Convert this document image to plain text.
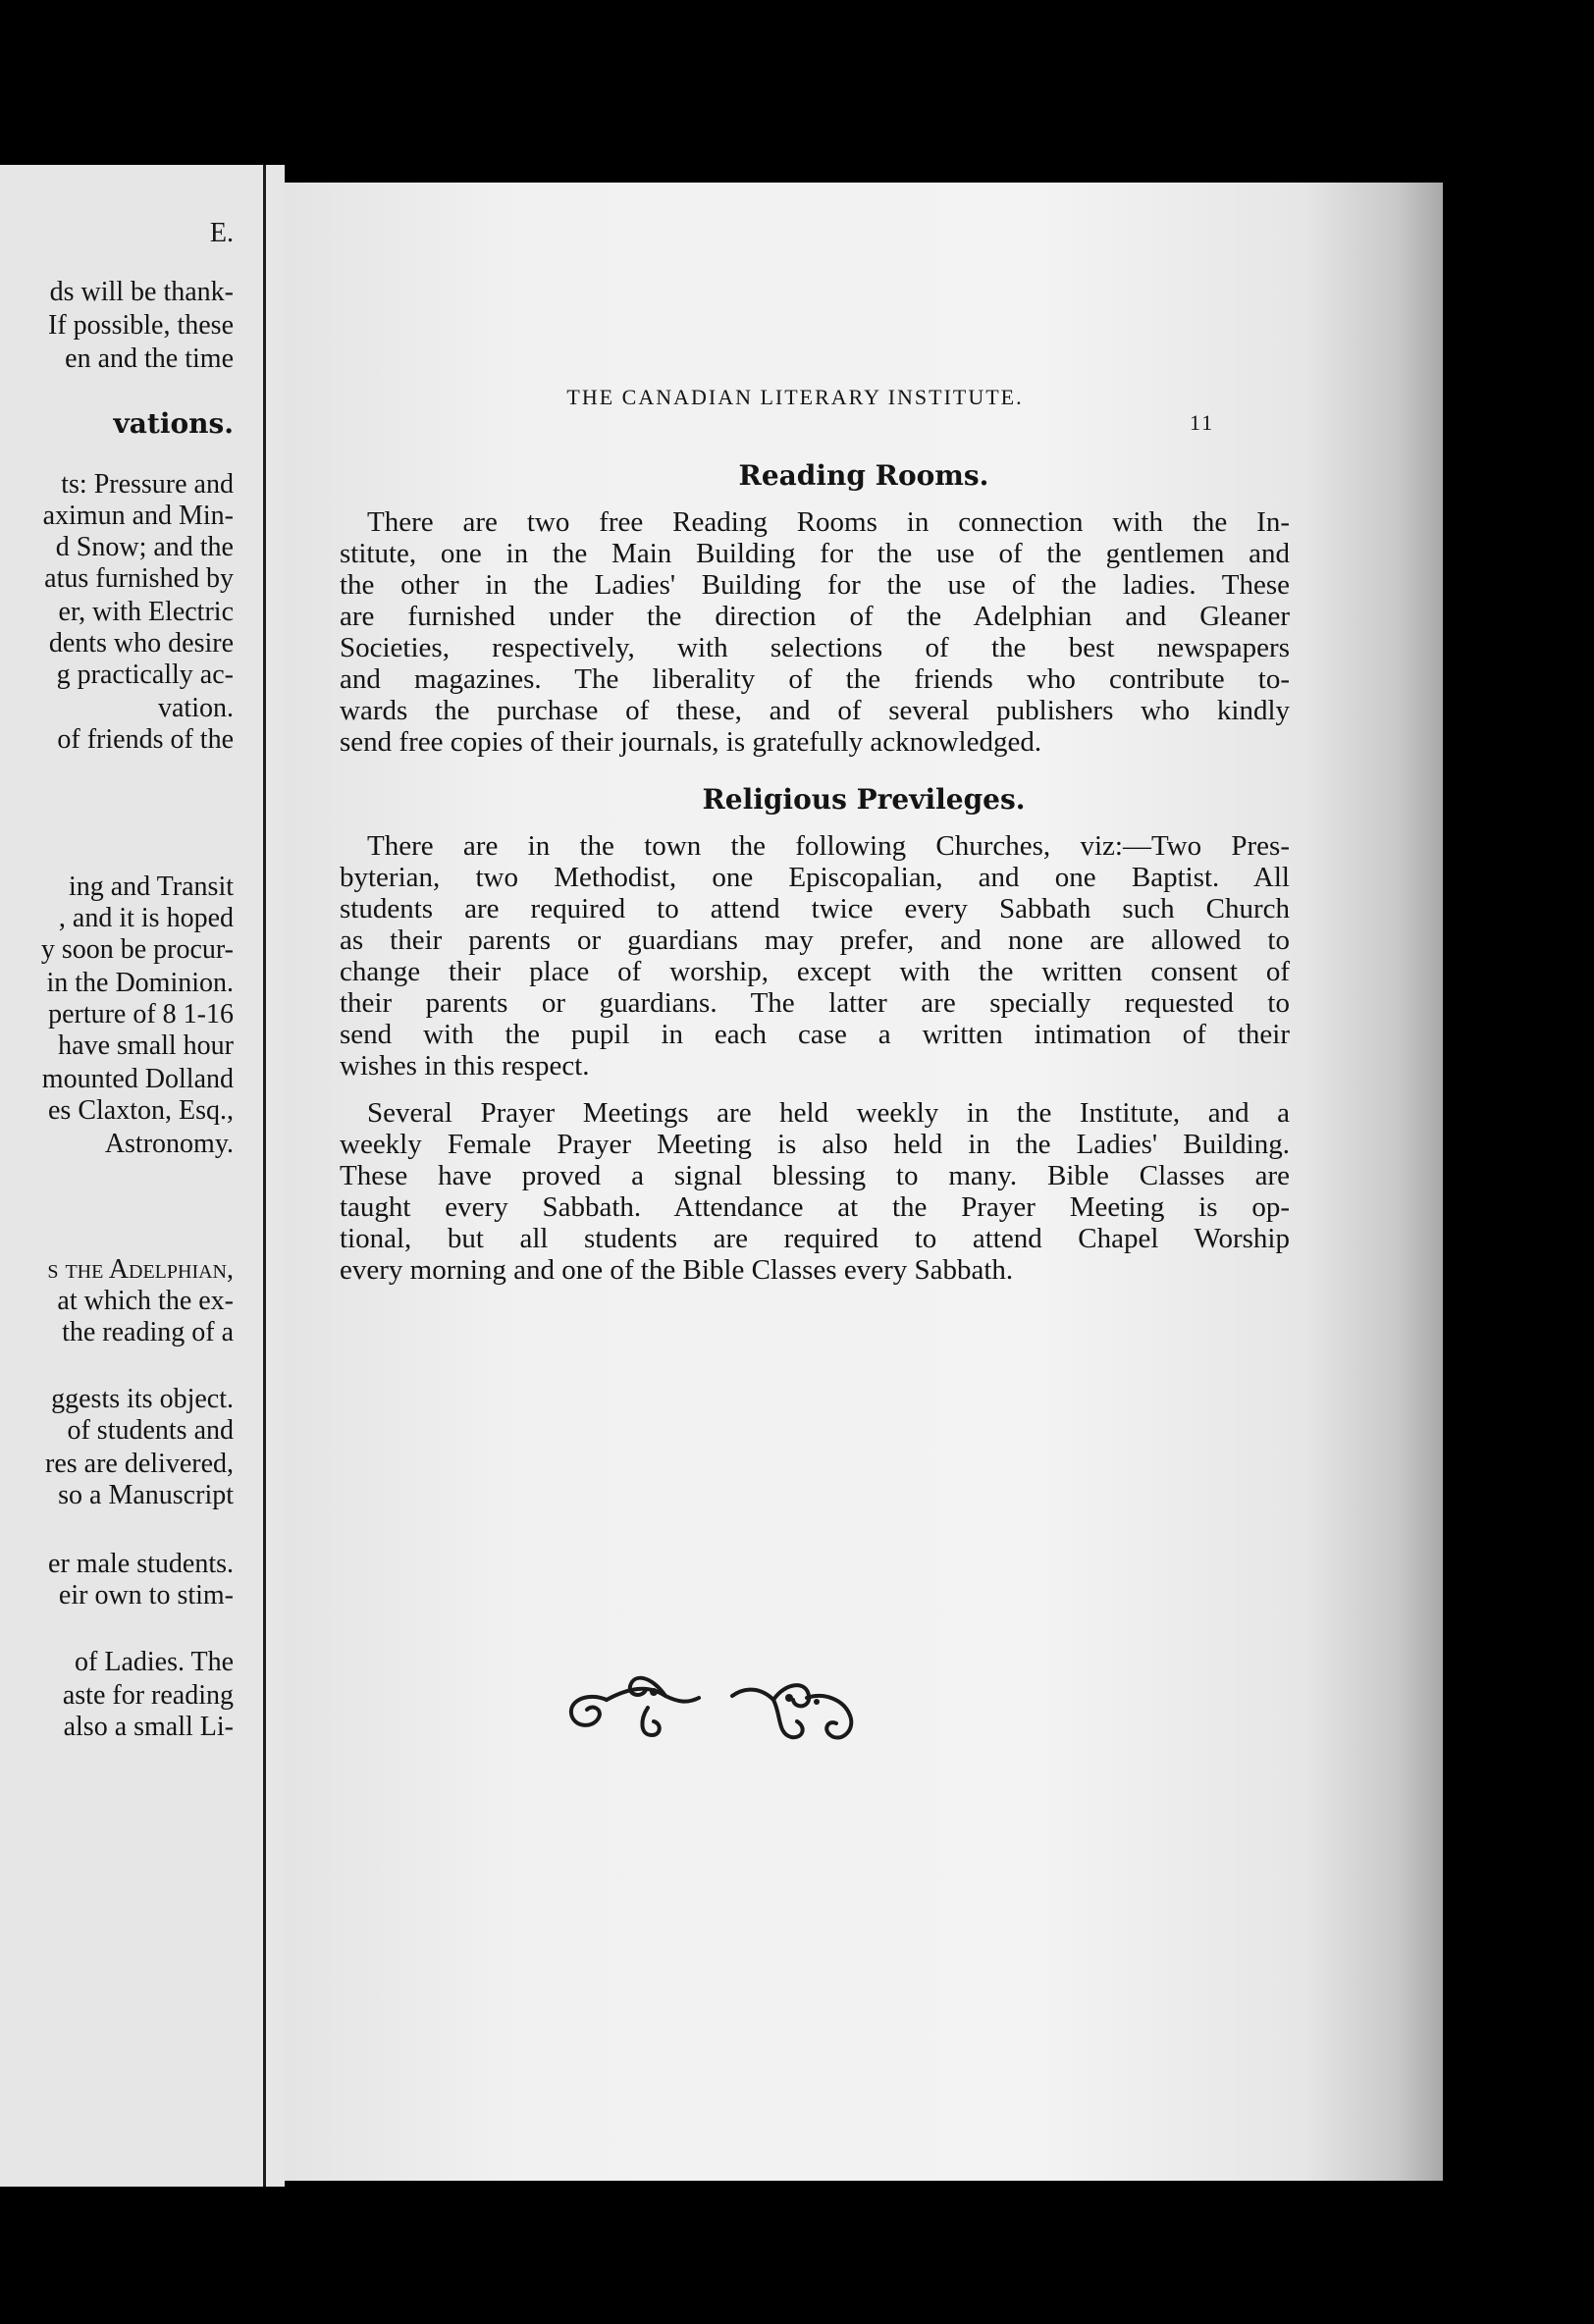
E.
ds will be thank-
If possible, these
en and the time
vations.
ts: Pressure and
aximun and Min-
d Snow; and the
atus furnished by
er, with Electric
dents who desire
g practically ac-
vation.
of friends of the
ing and Transit
, and it is hoped
y soon be procur-
in the Dominion.
perture of 8 1-16
have small hour
mounted Dolland
es Claxton, Esq.,
Astronomy.
s the Adelphian,
at which the ex-
the reading of a
ggests its object.
of students and
res are delivered,
so a Manuscript
er male students.
eir own to stim-
of Ladies. The
aste for reading
also a small Li-
THE CANADIAN LITERARY INSTITUTE.
11
Reading Rooms.
There are two free Reading Rooms in connection with the In-
stitute, one in the Main Building for the use of the gentlemen and
the other in the Ladies' Building for the use of the ladies. These
are furnished under the direction of the Adelphian and Gleaner
Societies, respectively, with selections of the best newspapers
and magazines. The liberality of the friends who contribute to-
wards the purchase of these, and of several publishers who kindly
send free copies of their journals, is gratefully acknowledged.
Religious Previleges.
There are in the town the following Churches, viz:—Two Pres-
byterian, two Methodist, one Episcopalian, and one Baptist. All
students are required to attend twice every Sabbath such Church
as their parents or guardians may prefer, and none are allowed to
change their place of worship, except with the written consent of
their parents or guardians. The latter are specially requested to
send with the pupil in each case a written intimation of their
wishes in this respect.
Several Prayer Meetings are held weekly in the Institute, and a
weekly Female Prayer Meeting is also held in the Ladies' Building.
These have proved a signal blessing to many. Bible Classes are
taught every Sabbath. Attendance at the Prayer Meeting is op-
tional, but all students are required to attend Chapel Worship
every morning and one of the Bible Classes every Sabbath.
